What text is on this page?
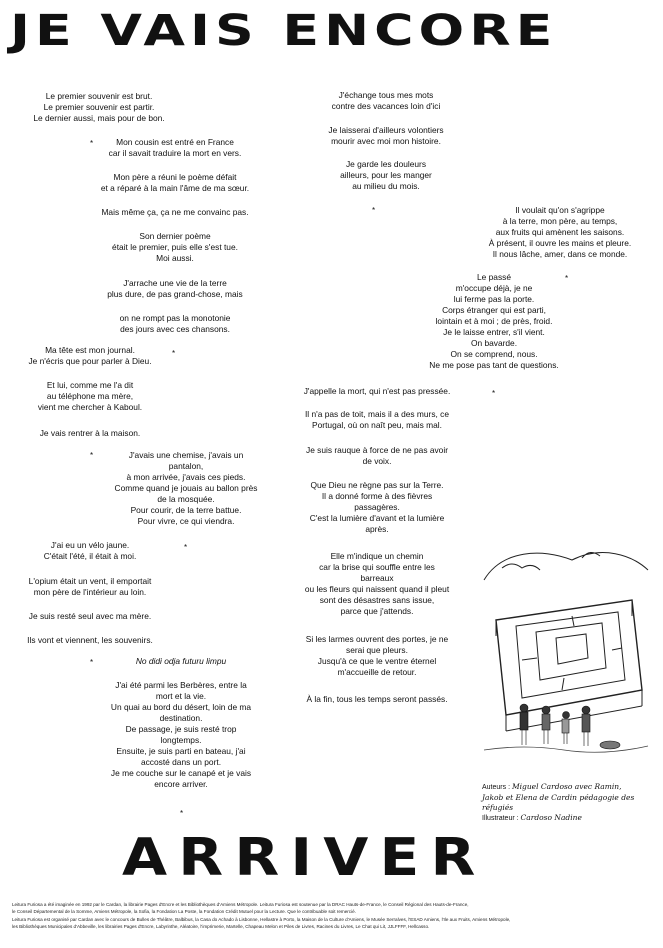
JE VAIS ENCORE
Le premier souvenir est brut.
Le premier souvenir est partir.
Le dernier aussi, mais pour de bon.
Mon cousin est entré en France
car il savait traduire la mort en vers.
Mon père a réuni le poème défait
et a réparé à la main l'âme de ma sœur.
Mais même ça, ça ne me convainc pas.
Son dernier poème
était le premier, puis elle s'est tue.
Moi aussi.
J'arrache une vie de la terre
plus dure, de pas grand-chose, mais
on ne rompt pas la monotonie
des jours avec ces chansons.
Ma tête est mon journal.
Je n'écris que pour parler à Dieu.
Et lui, comme me l'a dit
au téléphone ma mère,
vient me chercher à Kaboul.
Je vais rentrer à la maison.
J'avais une chemise, j'avais un
pantalon,
à mon arrivée, j'avais ces pieds.
Comme quand je jouais au ballon près
de la mosquée.
Pour courir, de la terre battue.
Pour vivre, ce qui viendra.
J'ai eu un vélo jaune.
C'était l'été, il était à moi.
L'opium était un vent, il emportait
mon père de l'intérieur au loin.
Je suis resté seul avec ma mère.
Ils vont et viennent, les souvenirs.
No didi odja futuru limpu
J'ai été parmi les Berbères, entre la
mort et la vie.
Un quai au bord du désert, loin de ma
destination.
De passage, je suis resté trop
longtemps.
Ensuite, je suis parti en bateau, j'ai
accosté dans un port.
Je me couche sur le canapé et je vais
encore arriver.
J'échange tous mes mots
contre des vacances loin d'ici
Je laisserai d'ailleurs volontiers
mourir avec moi mon histoire.
Je garde les douleurs
ailleurs, pour les manger
au milieu du mois.
Il voulait qu'on s'agrippe
à la terre, mon père, au temps,
aux fruits qui amènent les saisons.
À présent, il ouvre les mains et pleure.
Il nous lâche, amer, dans ce monde.
Le passé
m'occupe déjà, je ne
lui ferme pas la porte.
Corps étranger qui est parti,
lointain et à moi ; de près, froid.
Je le laisse entrer, s'il vient.
On bavarde.
On se comprend, nous.
Ne me pose pas tant de questions.
J'appelle la mort, qui n'est pas pressée.
Il n'a pas de toit, mais il a des murs, ce
Portugal, où on naît peu, mais mal.
Je suis rauque à force de ne pas avoir
de voix.
Que Dieu ne règne pas sur la Terre.
Il a donné forme à des fièvres
passagères.
C'est la lumière d'avant et la lumière
après.
Elle m'indique un chemin
car la brise qui souffle entre les
barreaux
ou les fleurs qui naissent quand il pleut
sont des désastres sans issue,
parce que j'attends.
Si les larmes ouvrent des portes, je ne
serai que pleurs.
Jusqu'à ce que le ventre éternel
m'accueille de retour.
À la fin, tous les temps seront passés.
*
*
*
*
*
*
*
*
*
Auteurs : Miguel Cardoso avec Ramin,
Jakob et Elena de Cardin pédagogie des réfugiés
Illustrateur : Cardoso Nadine
ARRIVER
Leitura Furiosa a été imaginée en 1992 par le Cardan, la librairie Pages d'Encre et les Bibliothèques d'Amiens Métropole. Leitura Furiosa est soutenue par la DRAC Hauts-de-France, le Conseil Régional des Hauts-de-France,
le Conseil Départemental de la Somme, Amiens Métropole, la Sofia, la Fondation La Poste, la Fondation Crédit Mutuel pour la Lecture. Que le contribuable soit remercié.
Leitura Furiosa est organisé par Cardan avec le concours de Bulles de Théâtre, Balbibus, la Casa do Achado à Lisbonne, Hellastre à Porto, la Maison de la Culture d'Amiens, le Musée Serralves, l'ESAD Amiens, l'Ile aux Fruits, Amiens Métropole,
les Bibliothèques Municipales d'Abbeville, les librairies Pages d'Encre, Labyrinthe, Aléatoire, l'imprimerie, Martelle, Chapeau Melon et Piles de Livres, Racines du Livres, Le Chat qui Lit, JJLFFFF, Hellcasso.
